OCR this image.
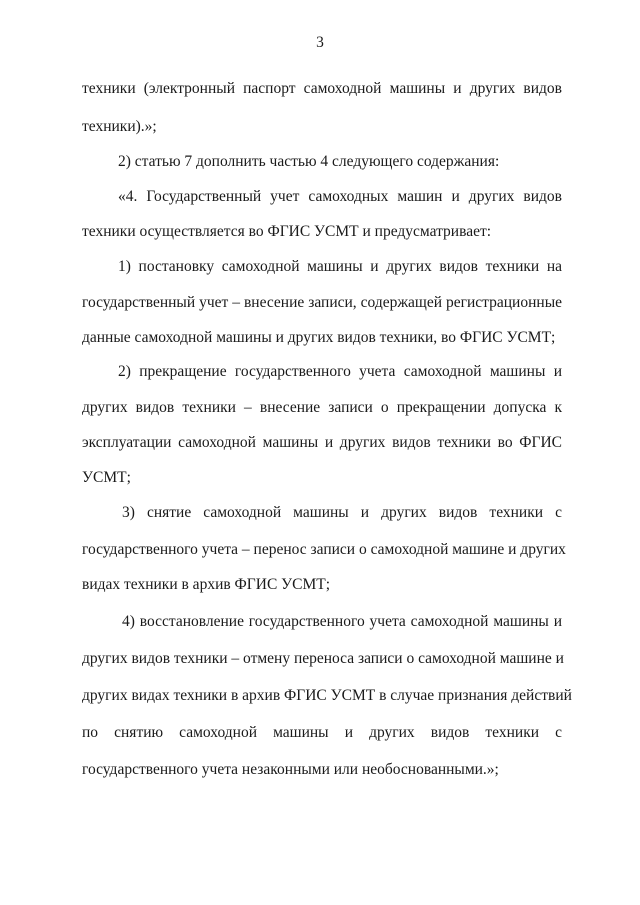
3
техники (электронный паспорт самоходной машины и других видов
техники).»;
2) статью 7 дополнить частью 4 следующего содержания:
«4. Государственный учет самоходных машин и других видов
техники осуществляется во ФГИС УСМТ и предусматривает:
1) постановку самоходной машины и других видов техники на
государственный учет – внесение записи, содержащей регистрационные
данные самоходной машины и других видов техники, во ФГИС УСМТ;
2) прекращение государственного учета самоходной машины и
других видов техники – внесение записи о прекращении допуска к
эксплуатации самоходной машины и других видов техники во ФГИС
УСМТ;
3) снятие самоходной машины и других видов техники с
государственного учета – перенос записи о самоходной машине и других
видах техники в архив ФГИС УСМТ;
4) восстановление государственного учета самоходной машины и
других видов техники – отмену переноса записи о самоходной машине и
других видах техники в архив ФГИС УСМТ в случае признания действий
по снятию самоходной машины и других видов техники с
государственного учета незаконными или необоснованными.»;
